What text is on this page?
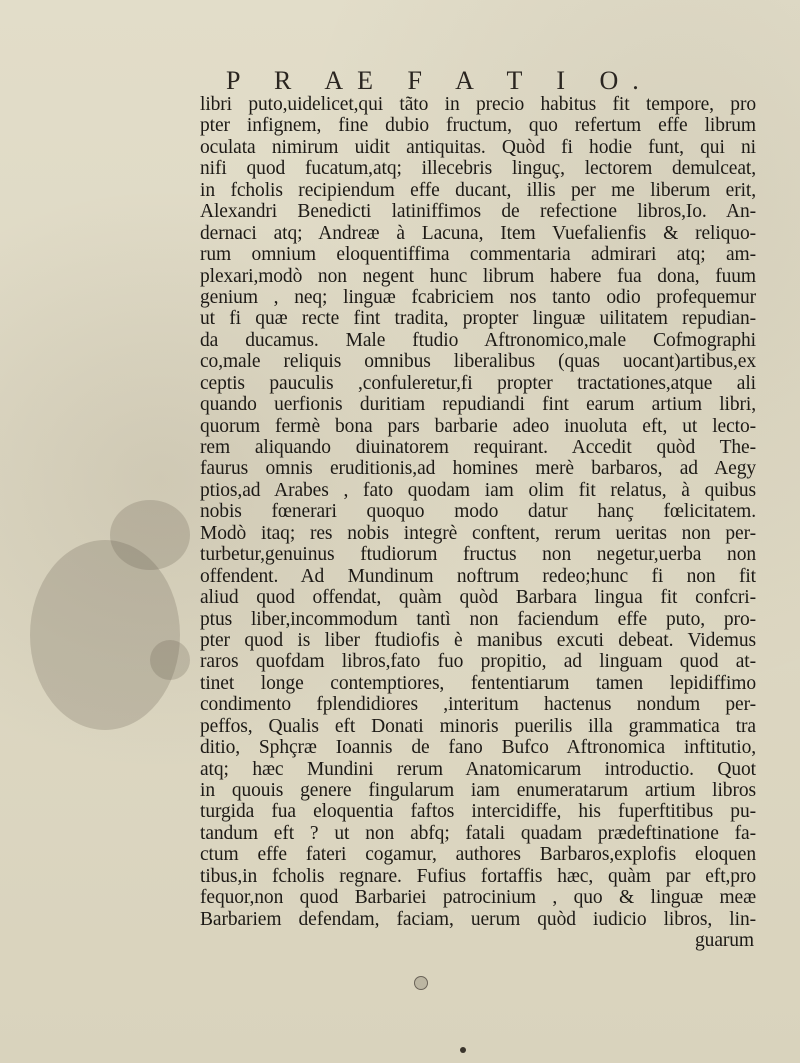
P R AE F A T I O.
libri puto,uidelicet,qui tãto in precio habitus fit tempore, pro
pter infignem, fine dubio fructum, quo refertum effe librum
oculata nimirum uidit antiquitas. Quòd fi hodie funt, qui ni
nifi quod fucatum,atq; illecebris linguç, lectorem demulceat,
in fcholis recipiendum effe ducant, illis per me liberum erit,
Alexandri Benedicti latiniffimos de refectione libros,Io. An-
dernaci atq; Andreæ à Lacuna, Item Vuefalienfis & reliquo-
rum omnium eloquentiffima commentaria admirari atq; am-
plexari,modò non negent hunc librum habere fua dona, fuum
genium , neq; linguæ fcabriciem nos tanto odio profequemur
ut fi quæ recte fint tradita, propter linguæ uilitatem repudian-
da ducamus. Male ftudio Aftronomico,male Cofmographi
co,male reliquis omnibus liberalibus (quas uocant)artibus,ex
ceptis pauculis ,confuleretur,fi propter tractationes,atque ali
quando uerfionis duritiam repudiandi fint earum artium libri,
quorum fermè bona pars barbarie adeo inuoluta eft, ut lecto-
rem aliquando diuinatorem requirant. Accedit quòd The-
faurus omnis eruditionis,ad homines merè barbaros, ad Aegy
ptios,ad Arabes , fato quodam iam olim fit relatus, à quibus
nobis fœnerari quoquo modo datur hanç fœlicitatem.
Modò itaq; res nobis integrè conftent, rerum ueritas non per-
turbetur,genuinus ftudiorum fructus non negetur,uerba non
offendent. Ad Mundinum noftrum redeo;hunc fi non fit
aliud quod offendat, quàm quòd Barbara lingua fit confcri-
ptus liber,incommodum tantì non faciendum effe puto, pro-
pter quod is liber ftudiofis è manibus excuti debeat. Videmus
raros quofdam libros,fato fuo propitio, ad linguam quod at-
tinet longe contemptiores, fententiarum tamen lepidiffimo
condimento fplendidiores ,interitum hactenus nondum per-
peffos, Qualis eft Donati minoris puerilis illa grammatica tra
ditio, Sphçræ Ioannis de fano Bufco Aftronomica inftitutio,
atq; hæc Mundini rerum Anatomicarum introductio. Quot
in quouis genere fingularum iam enumeratarum artium libros
turgida fua eloquentia faftos intercidiffe, his fuperftitibus pu-
tandum eft ? ut non abfq; fatali quadam prædeftinatione fa-
ctum effe fateri cogamur, authores Barbaros,explofis eloquen
tibus,in fcholis regnare. Fufius fortaffis hæc, quàm par eft,pro
fequor,non quod Barbariei patrocinium , quo & linguæ meæ
Barbariem defendam, faciam, uerum quòd iudicio libros, lin-
guarum
